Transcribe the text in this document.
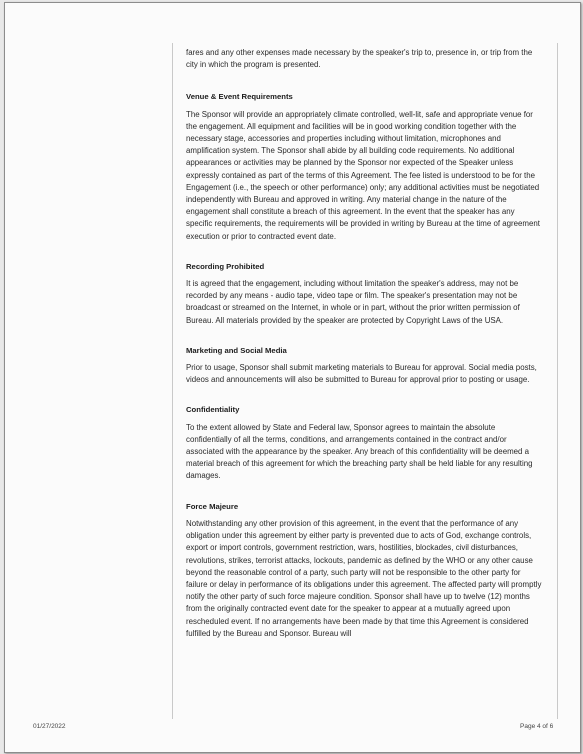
fares and any other expenses made necessary by the speaker's trip to, presence in, or trip from the city in which the program is presented.

Venue & Event Requirements

The Sponsor will provide an appropriately climate controlled, well-lit, safe and appropriate venue for the engagement. All equipment and facilities will be in good working condition together with the necessary stage, accessories and properties including without limitation, microphones and amplification system. The Sponsor shall abide by all building code requirements. No additional appearances or activities may be planned by the Sponsor nor expected of the Speaker unless expressly contained as part of the terms of this Agreement. The fee listed is understood to be for the Engagement (i.e., the speech or other performance) only; any additional activities must be negotiated independently with Bureau and approved in writing. Any material change in the nature of the engagement shall constitute a breach of this agreement. In the event that the speaker has any specific requirements, the requirements will be provided in writing by Bureau at the time of agreement execution or prior to contracted event date.

Recording Prohibited

It is agreed that the engagement, including without limitation the speaker's address, may not be recorded by any means - audio tape, video tape or film. The speaker's presentation may not be broadcast or streamed on the Internet, in whole or in part, without the prior written permission of Bureau. All materials provided by the speaker are protected by Copyright Laws of the USA.

Marketing and Social Media

Prior to usage, Sponsor shall submit marketing materials to Bureau for approval. Social media posts, videos and announcements will also be submitted to Bureau for approval prior to posting or usage.

Confidentiality

To the extent allowed by State and Federal law, Sponsor agrees to maintain the absolute confidentially of all the terms, conditions, and arrangements contained in the contract and/or associated with the appearance by the speaker. Any breach of this confidentiality will be deemed a material breach of this agreement for which the breaching party shall be held liable for any resulting damages.

Force Majeure

Notwithstanding any other provision of this agreement, in the event that the performance of any obligation under this agreement by either party is prevented due to acts of God, exchange controls, export or import controls, government restriction, wars, hostilities, blockades, civil disturbances, revolutions, strikes, terrorist attacks, lockouts, pandemic as defined by the WHO or any other cause beyond the reasonable control of a party, such party will not be responsible to the other party for failure or delay in performance of its obligations under this agreement. The affected party will promptly notify the other party of such force majeure condition. Sponsor shall have up to twelve (12) months from the originally contracted event date for the speaker to appear at a mutually agreed upon rescheduled event. If no arrangements have been made by that time this Agreement is considered fulfilled by the Bureau and Sponsor. Bureau will

01/27/2022	Page 4 of 6
